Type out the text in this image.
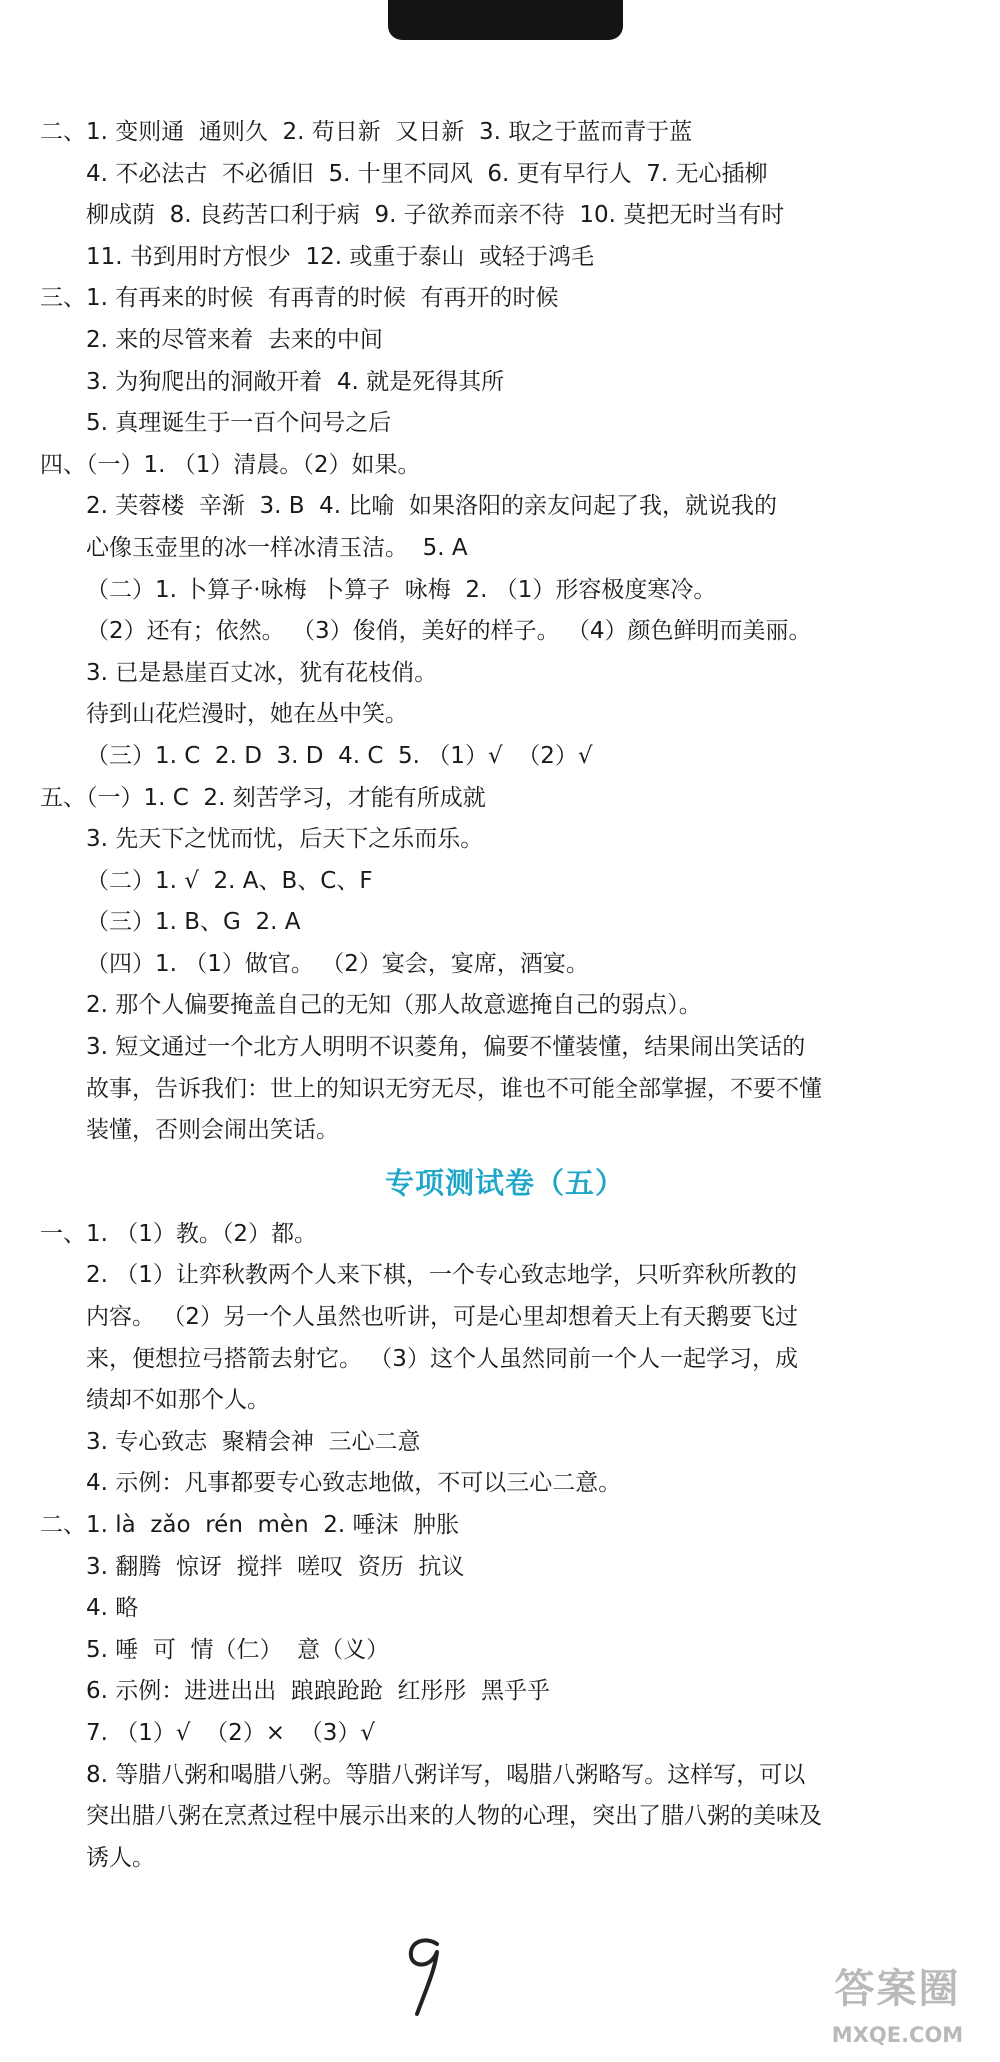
二、1. 变则通  通则久  2. 苟日新  又日新  3. 取之于蓝而青于蓝
4. 不必法古  不必循旧  5. 十里不同风  6. 更有早行人  7. 无心插柳
柳成荫  8. 良药苦口利于病  9. 子欲养而亲不待  10. 莫把无时当有时
11. 书到用时方恨少  12. 或重于泰山  或轻于鸿毛
三、1. 有再来的时候  有再青的时候  有再开的时候
2. 来的尽管来着  去来的中间
3. 为狗爬出的洞敞开着  4. 就是死得其所
5. 真理诞生于一百个问号之后
四、（一）1. （1）清晨。（2）如果。
2. 芙蓉楼  辛渐  3. B  4. 比喻  如果洛阳的亲友问起了我，就说我的
心像玉壶里的冰一样冰清玉洁。  5. A
（二）1. 卜算子·咏梅  卜算子  咏梅  2. （1）形容极度寒冷。
（2）还有；依然。 （3）俊俏，美好的样子。 （4）颜色鲜明而美丽。
3. 已是悬崖百丈冰，犹有花枝俏。
待到山花烂漫时，她在丛中笑。
（三）1. C  2. D  3. D  4. C  5. （1）√  （2）√
五、（一）1. C  2. 刻苦学习，才能有所成就
3. 先天下之忧而忧，后天下之乐而乐。
（二）1. √  2. A、B、C、F
（三）1. B、G  2. A
（四）1. （1）做官。 （2）宴会，宴席，酒宴。
2. 那个人偏要掩盖自己的无知（那人故意遮掩自己的弱点）。
3. 短文通过一个北方人明明不识菱角，偏要不懂装懂，结果闹出笑话的
故事，告诉我们：世上的知识无穷无尽，谁也不可能全部掌握，不要不懂
装懂，否则会闹出笑话。
专项测试卷（五）
一、1. （1）教。（2）都。
2. （1）让弈秋教两个人来下棋，一个专心致志地学，只听弈秋所教的
内容。 （2）另一个人虽然也听讲，可是心里却想着天上有天鹅要飞过
来，便想拉弓搭箭去射它。 （3）这个人虽然同前一个人一起学习，成
绩却不如那个人。
3. 专心致志  聚精会神  三心二意
4. 示例：凡事都要专心致志地做，不可以三心二意。
二、1. là  zǎo  rén  mèn  2. 唾沫  肿胀
3. 翻腾  惊讶  搅拌  嗟叹  资历  抗议
4. 略
5. 唾  可  情（仁）  意（义）
6. 示例：进进出出  踉踉跄跄  红彤彤  黑乎乎
7. （1）√  （2）×  （3）√
8. 等腊八粥和喝腊八粥。等腊八粥详写，喝腊八粥略写。这样写，可以
突出腊八粥在烹煮过程中展示出来的人物的心理，突出了腊八粥的美味及
诱人。
答案圈
MXQE.COM
